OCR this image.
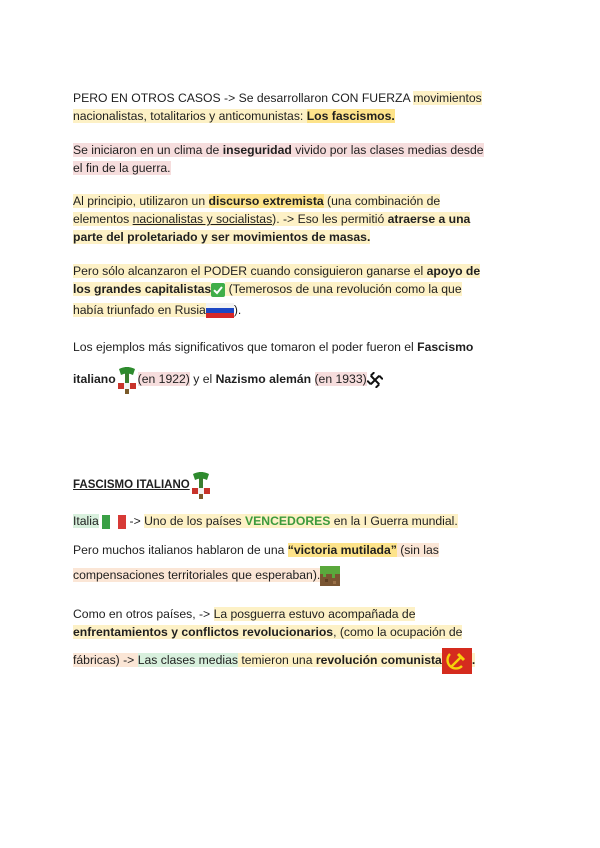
PERO EN OTROS CASOS -> Se desarrollaron CON FUERZA movimientos
nacionalistas, totalitarios y anticomunistas: Los fascismos.
Se iniciaron en un clima de inseguridad vivido por las clases medias desde
el fin de la guerra.
Al principio, utilizaron un discurso extremista (una combinación de
elementos nacionalistas y socialistas). -> Eso les permitió atraerse a una
parte del proletariado y ser movimientos de masas.
Pero sólo alcanzaron el PODER cuando consiguieron ganarse el apoyo de
los grandes capitalistas
(Temerosos de una revolución como la que
había triunfado en Rusia ).
Los ejemplos más significativos que tomaron el poder fueron el Fascismo
italiano (en 1922) y el Nazismo alemán (en 1933)
FASCISMO ITALIANO
Italia
-> Uno de los países VENCEDORES en la I Guerra mundial.
Pero muchos italianos hablaron de una “victoria mutilada” (sin las
compensaciones territoriales que esperaban).
Como en otros países, -> La posguerra estuvo acompañada de
enfrentamientos y conflictos revolucionarios, (como la ocupación de
fábricas) -> Las clases medias temieron una revolución comunista .
